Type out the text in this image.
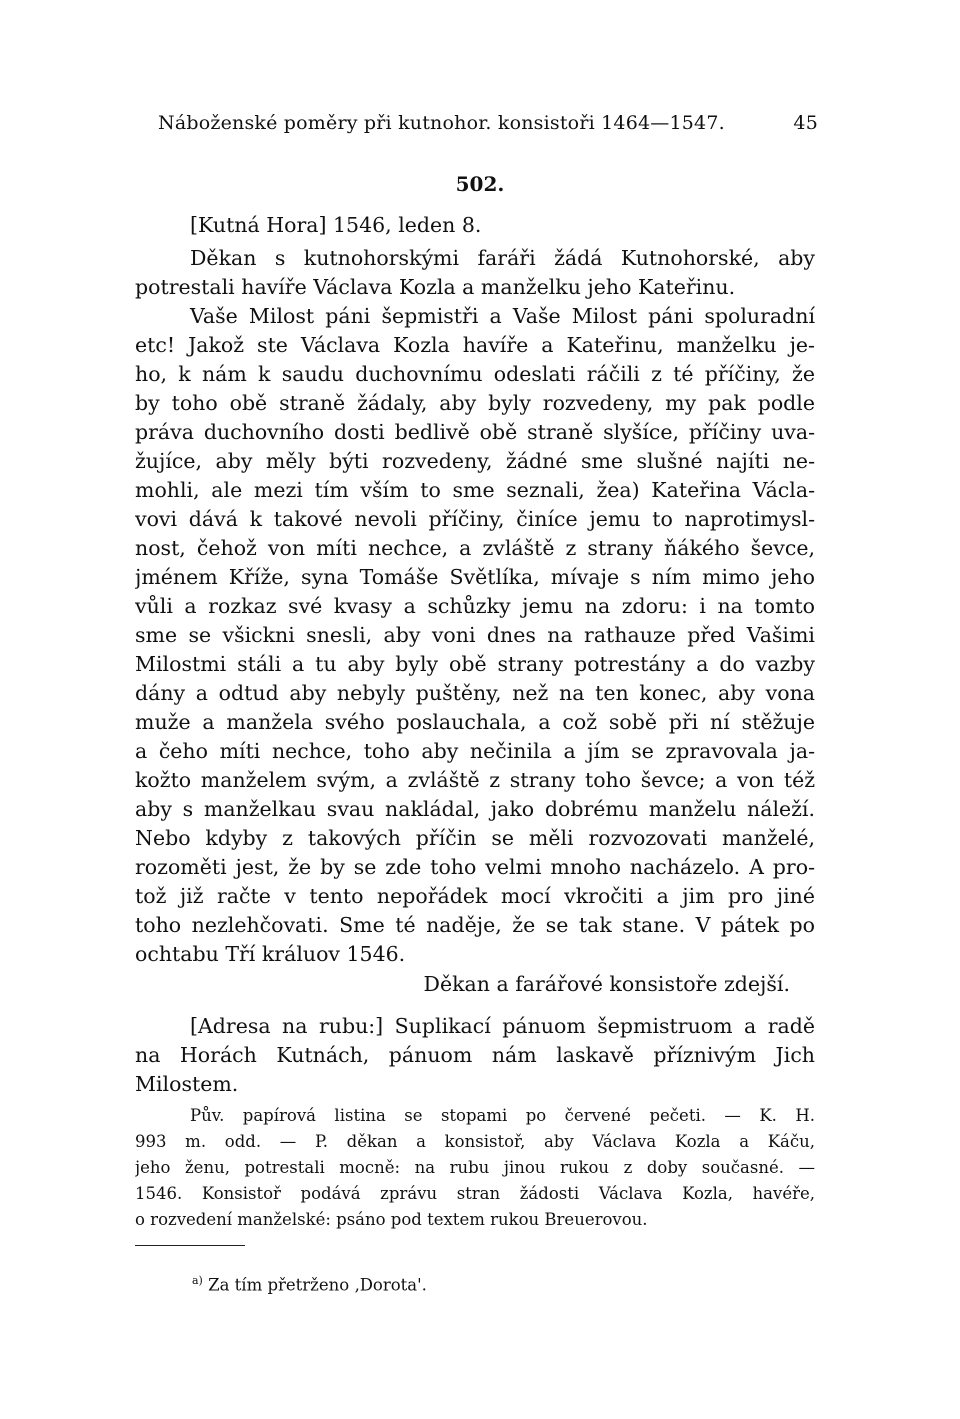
Náboženské poměry při kutnohor. konsistoři 1464—1547.	45
502.
[Kutná Hora] 1546, leden 8.
Děkan s kutnohorskými faráři žádá Kutnohorské, aby
potrestali havíře Václava Kozla a manželku jeho Kateřinu.
Vaše Milost páni šepmistři a Vaše Milost páni spoluradní
etc! Jakož ste Václava Kozla havíře a Kateřinu, manželku je-
ho, k nám k saudu duchovnímu odeslati ráčili z té příčiny, že
by toho obě straně žádaly, aby byly rozvedeny, my pak podle
práva duchovního dosti bedlivě obě straně slyšíce, příčiny uva-
žujíce, aby měly býti rozvedeny, žádné sme slušné najíti ne-
mohli, ale mezi tím vším to sme seznali, žea) Kateřina Václa-
vovi dává k takové nevoli příčiny, činíce jemu to naprotimysl-
nost, čehož von míti nechce, a zvláště z strany ňákého ševce,
jménem Kříže, syna Tomáše Světlíka, mívaje s ním mimo jeho
vůli a rozkaz své kvasy a schůzky jemu na zdoru: i na tomto
sme se všickni snesli, aby voni dnes na rathauze před Vašimi
Milostmi stáli a tu aby byly obě strany potrestány a do vazby
dány a odtud aby nebyly puštěny, než na ten konec, aby vona
muže a manžela svého poslauchala, a což sobě při ní stěžuje
a čeho míti nechce, toho aby nečinila a jím se zpravovala ja-
kožto manželem svým, a zvláště z strany toho ševce; a von též
aby s manželkau svau nakládal, jako dobrému manželu náleží.
Nebo kdyby z takových příčin se měli rozvozovati manželé,
rozoměti jest, že by se zde toho velmi mnoho nacházelo. A pro-
tož již račte v tento nepořádek mocí vkročiti a jim pro jiné
toho nezlehčovati. Sme té naděje, že se tak stane. V pátek po
ochtabu Tří králuov 1546.
Děkan a farářové konsistoře zdejší.
[Adresa na rubu:] Suplikací pánuom šepmistruom a radě
na Horách Kutnách, pánuom nám laskavě příznivým Jich
Milostem.
Pův. papírová listina se stopami po červené pečeti. — K. H.
993 m. odd. — P. děkan a konsistoř, aby Václava Kozla a Káču,
jeho ženu, potrestali mocně: na rubu jinou rukou z doby současné. —
1546. Konsistoř podává zprávu stran žádosti Václava Kozla, havéře,
o rozvedení manželské: psáno pod textem rukou Breuerovou.
$^{a)}$ Za tím přetrženo ‚Dorota'.
